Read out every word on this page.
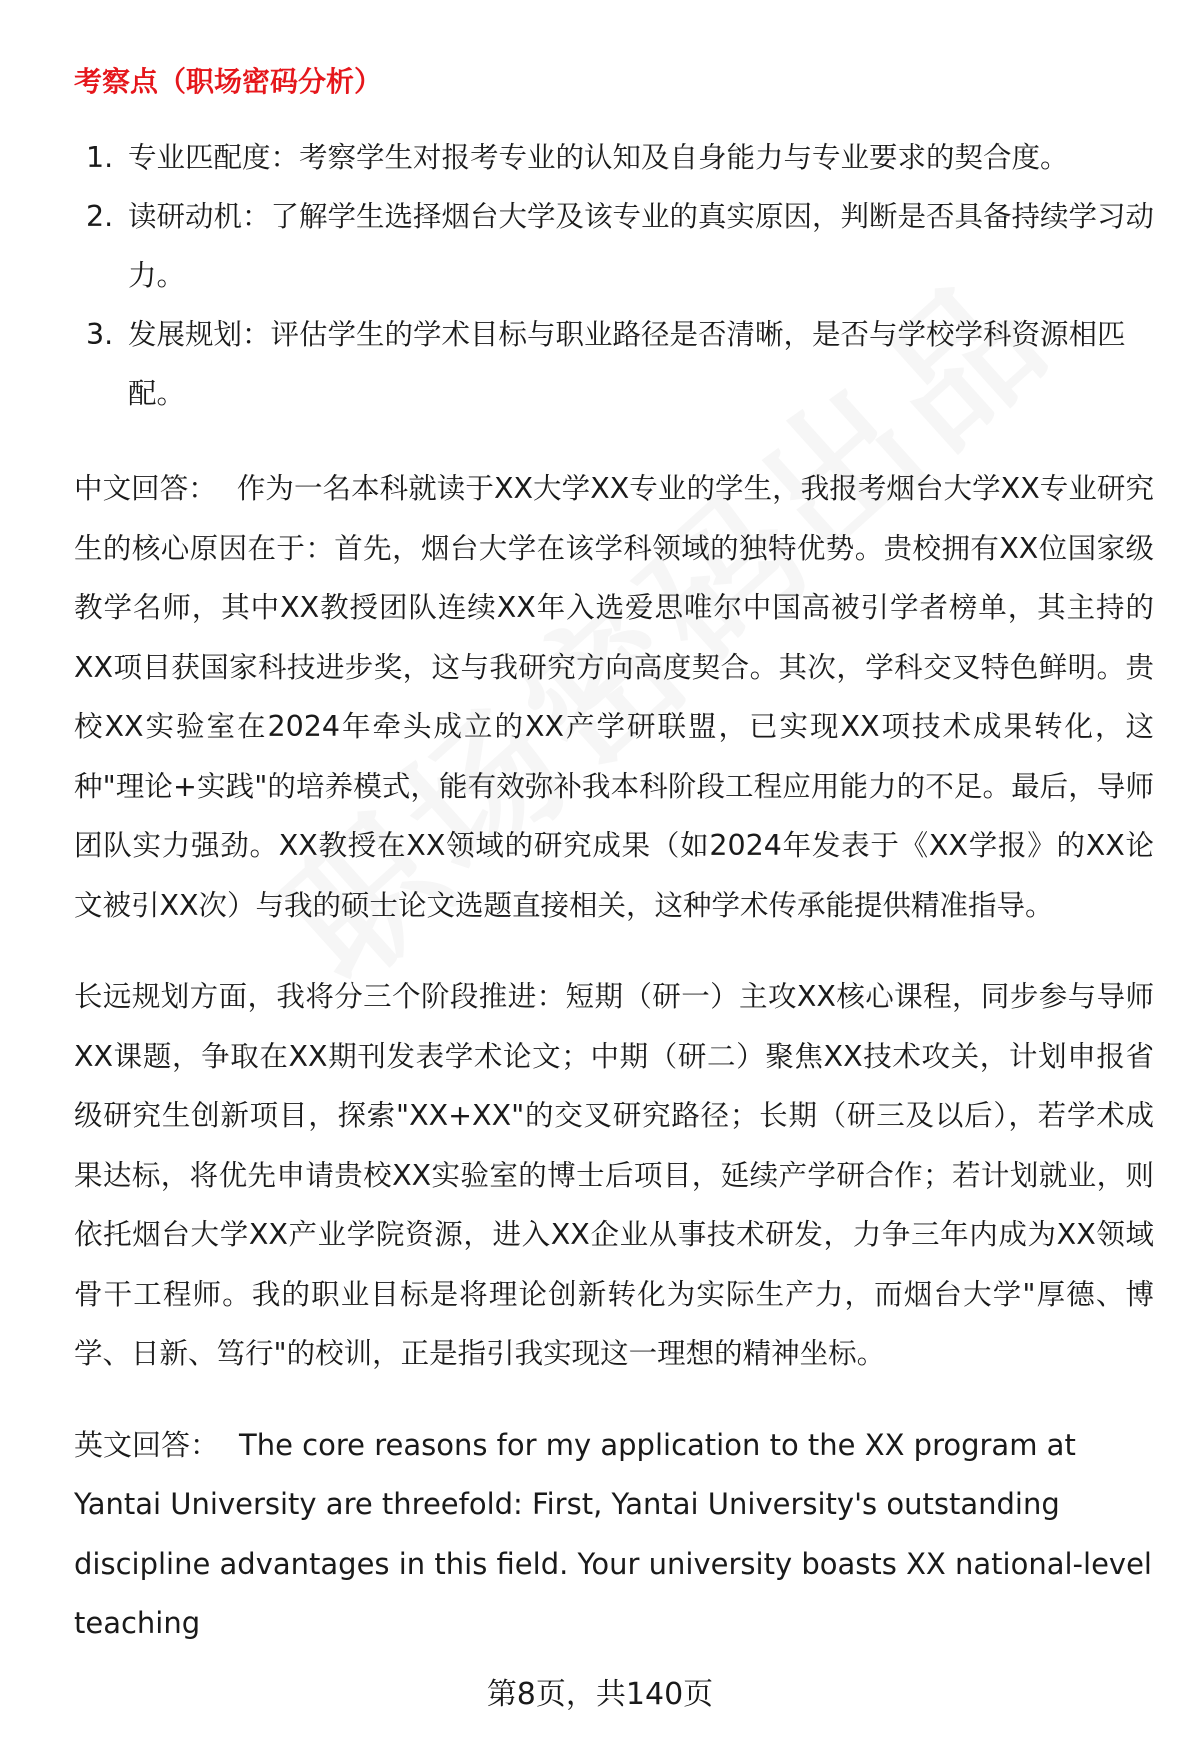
考察点（职场密码分析）
1. 专业匹配度：考察学生对报考专业的认知及自身能力与专业要求的契合度。
2. 读研动机：了解学生选择烟台大学及该专业的真实原因，判断是否具备持续学习动力。
3. 发展规划：评估学生的学术目标与职业路径是否清晰，是否与学校学科资源相匹配。

中文回答： 作为一名本科就读于XX大学XX专业的学生，我报考烟台大学XX专业研究生的核心原因在于：首先，烟台大学在该学科领域的独特优势。贵校拥有XX位国家级教学名师，其中XX教授团队连续XX年入选爱思唯尔中国高被引学者榜单，其主持的XX项目获国家科技进步奖，这与我研究方向高度契合。其次，学科交叉特色鲜明。贵校XX实验室在2024年牵头成立的XX产学研联盟，已实现XX项技术成果转化，这种"理论+实践"的培养模式，能有效弥补我本科阶段工程应用能力的不足。最后，导师团队实力强劲。XX教授在XX领域的研究成果（如2024年发表于《XX学报》的XX论文被引XX次）与我的硕士论文选题直接相关，这种学术传承能提供精准指导。

长远规划方面，我将分三个阶段推进：短期（研一）主攻XX核心课程，同步参与导师XX课题，争取在XX期刊发表学术论文；中期（研二）聚焦XX技术攻关，计划申报省级研究生创新项目，探索"XX+XX"的交叉研究路径；长期（研三及以后），若学术成果达标，将优先申请贵校XX实验室的博士后项目，延续产学研合作；若计划就业，则依托烟台大学XX产业学院资源，进入XX企业从事技术研发，力争三年内成为XX领域骨干工程师。我的职业目标是将理论创新转化为实际生产力，而烟台大学"厚德、博学、日新、笃行"的校训，正是指引我实现这一理想的精神坐标。

英文回答： The core reasons for my application to the XX program at Yantai University are threefold: First, Yantai University's outstanding discipline advantages in this field. Your university boasts XX national-level teaching

第8页，共140页
